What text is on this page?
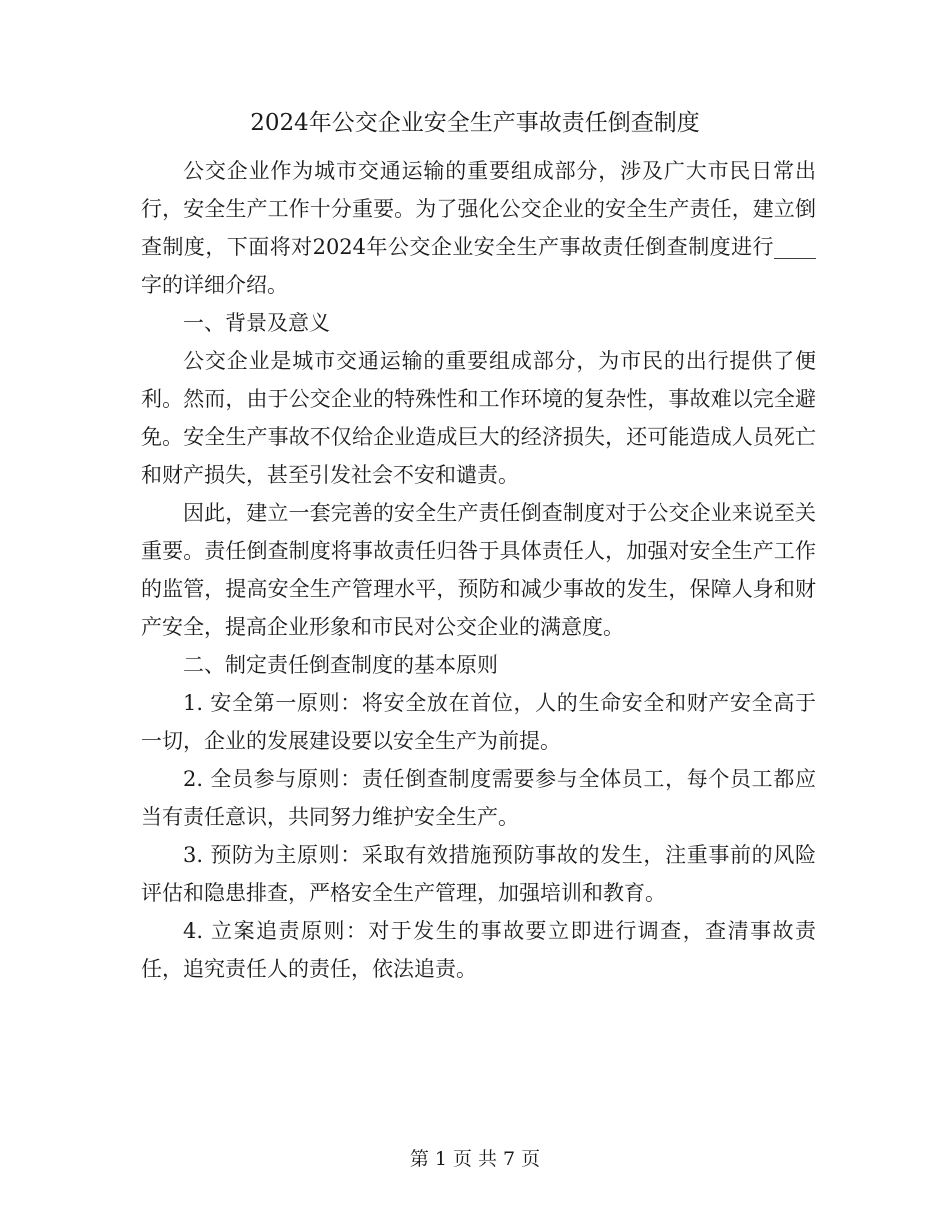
2024年公交企业安全生产事故责任倒查制度

公交企业作为城市交通运输的重要组成部分，涉及广大市民日常出行，安全生产工作十分重要。为了强化公交企业的安全生产责任，建立倒查制度，下面将对2024年公交企业安全生产事故责任倒查制度进行____字的详细介绍。

一、背景及意义

公交企业是城市交通运输的重要组成部分，为市民的出行提供了便利。然而，由于公交企业的特殊性和工作环境的复杂性，事故难以完全避免。安全生产事故不仅给企业造成巨大的经济损失，还可能造成人员死亡和财产损失，甚至引发社会不安和谴责。

因此，建立一套完善的安全生产责任倒查制度对于公交企业来说至关重要。责任倒查制度将事故责任归咎于具体责任人，加强对安全生产工作的监管，提高安全生产管理水平，预防和减少事故的发生，保障人身和财产安全，提高企业形象和市民对公交企业的满意度。

二、制定责任倒查制度的基本原则

1. 安全第一原则：将安全放在首位，人的生命安全和财产安全高于一切，企业的发展建设要以安全生产为前提。

2. 全员参与原则：责任倒查制度需要参与全体员工，每个员工都应当有责任意识，共同努力维护安全生产。

3. 预防为主原则：采取有效措施预防事故的发生，注重事前的风险评估和隐患排查，严格安全生产管理，加强培训和教育。

4. 立案追责原则：对于发生的事故要立即进行调查，查清事故责任，追究责任人的责任，依法追责。

第 1 页 共 7 页
